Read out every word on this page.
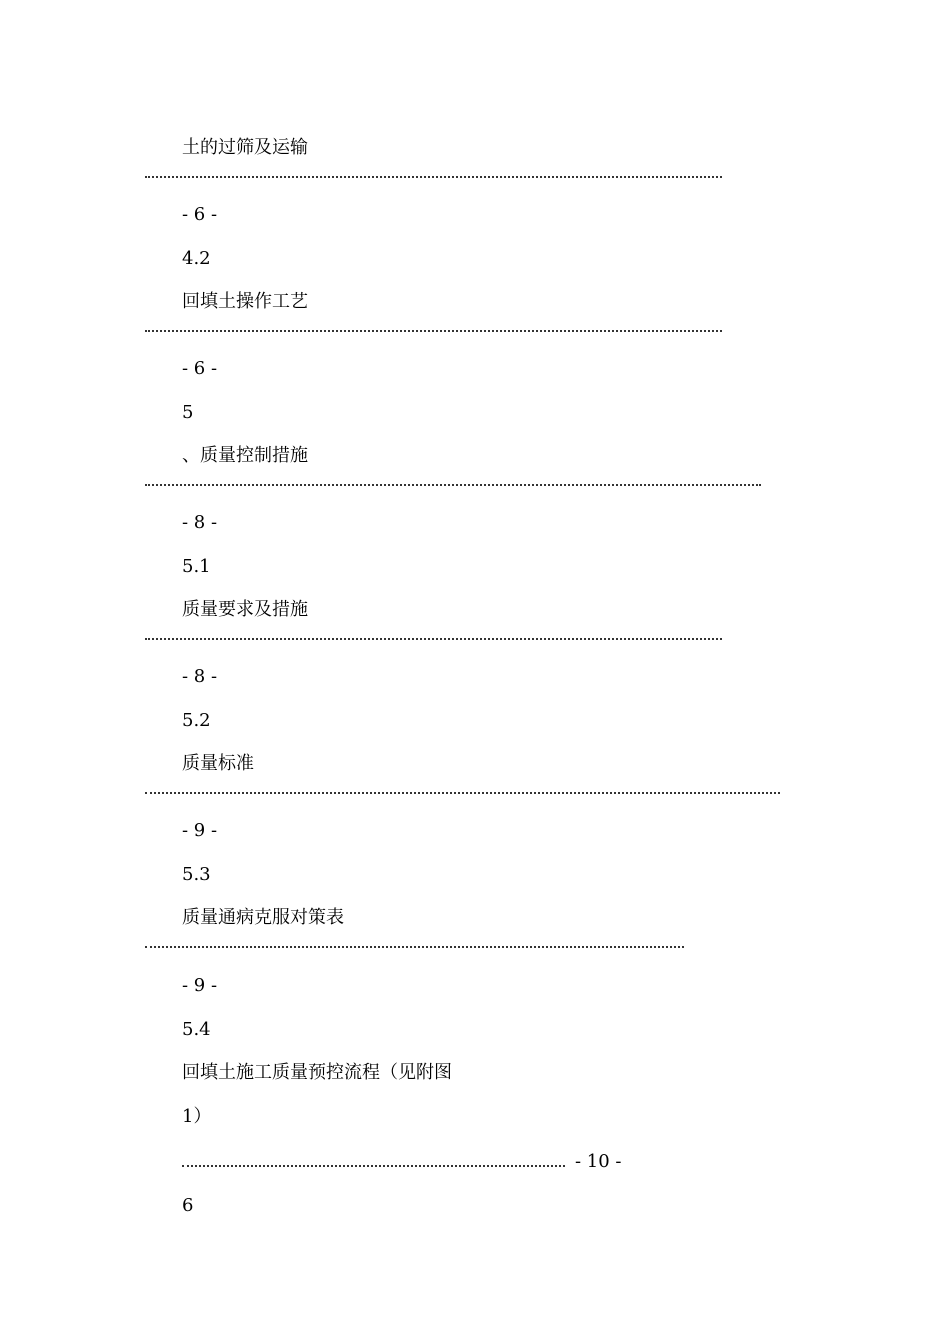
土的过筛及运输
- 6 -
4.2
回填土操作工艺
- 6 -
5
、质量控制措施
- 8 -
5.1
质量要求及措施
- 8 -
5.2
质量标准
- 9 -
5.3
质量通病克服对策表
- 9 -
5.4
回填土施工质量预控流程（见附图
1）
- 10 -
6
